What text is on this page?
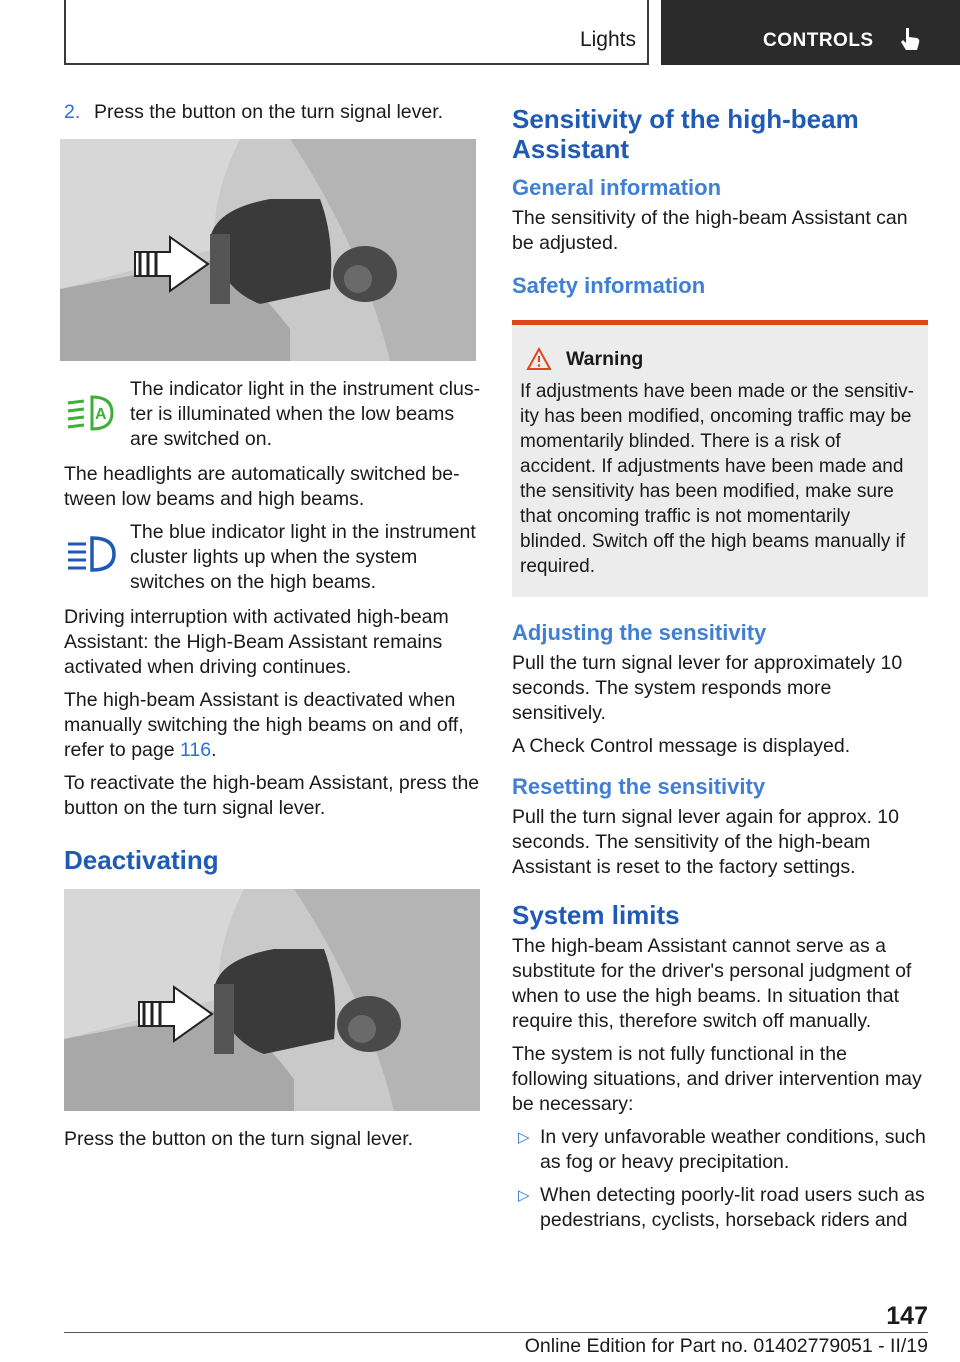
Lights	CONTROLS
2. Press the button on the turn signal lever.
A
The indicator light in the instrument cluster is illuminated when the low beams are switched on.

The headlights are automatically switched between low beams and high beams.

The blue indicator light in the instrument cluster lights up when the system switches on the high beams.

Driving interruption with activated high-beam Assistant: the High-Beam Assistant remains activated when driving continues.

The high-beam Assistant is deactivated when manually switching the high beams on and off, refer to page 116.

To reactivate the high-beam Assistant, press the button on the turn signal lever.

Deactivating

Press the button on the turn signal lever.

Sensitivity of the high-beam Assistant
General information

The sensitivity of the high-beam Assistant can be adjusted.

Safety information
Warning
If adjustments have been made or the sensitivity has been modified, oncoming traffic may be momentarily blinded. There is a risk of accident. If adjustments have been made and the sensitivity has been modified, make sure that oncoming traffic is not momentarily blinded. Switch off the high beams manually if required.
Adjusting the sensitivity

Pull the turn signal lever for approximately 10 seconds. The system responds more sensitively.

A Check Control message is displayed.

Resetting the sensitivity

Pull the turn signal lever again for approx. 10 seconds. The sensitivity of the high-beam Assistant is reset to the factory settings.

System limits

The high-beam Assistant cannot serve as a substitute for the driver's personal judgment of when to use the high beams. In situation that require this, therefore switch off manually.

The system is not fully functional in the following situations, and driver intervention may be necessary:

▷ In very unfavorable weather conditions, such as fog or heavy precipitation.
▷ When detecting poorly-lit road users such as pedestrians, cyclists, horseback riders and
147
Online Edition for Part no. 01402779051 - II/19
